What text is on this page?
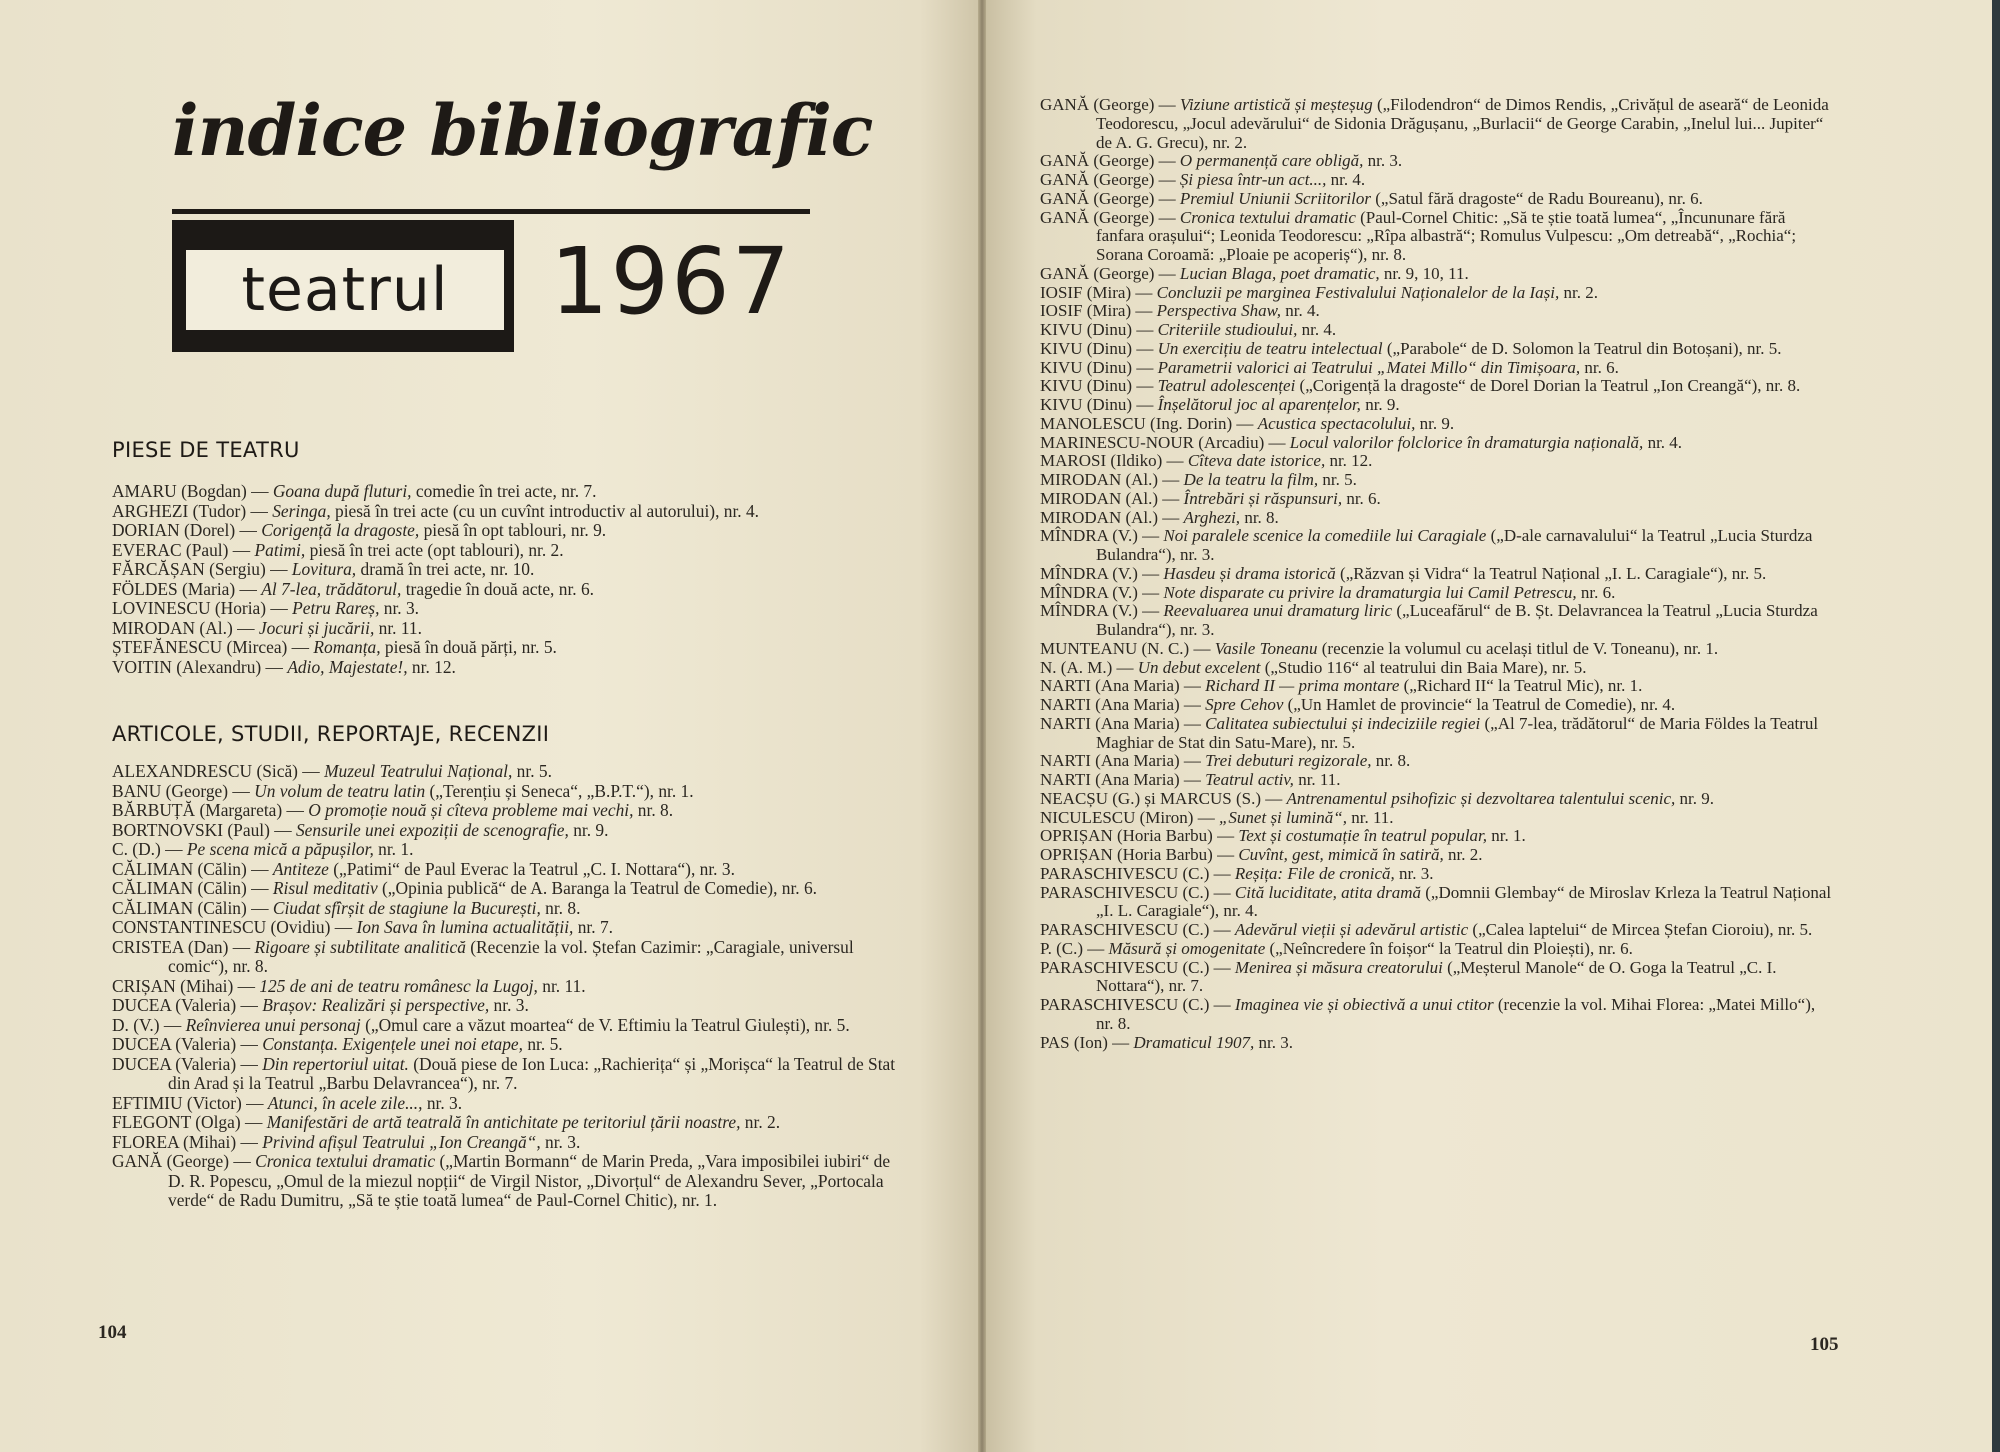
indice bibliografic
teatrul	1967
PIESE DE TEATRU

AMARU (Bogdan) — Goana după fluturi, comedie în trei acte, nr. 7.

ARGHEZI (Tudor) — Seringa, piesă în trei acte (cu un cuvînt introductiv al autorului), nr. 4.

DORIAN (Dorel) — Corigență la dragoste, piesă în opt tablouri, nr. 9.

EVERAC (Paul) — Patimi, piesă în trei acte (opt tablouri), nr. 2.

FĂRCĂȘAN (Sergiu) — Lovitura, dramă în trei acte, nr. 10.

FÖLDES (Maria) — Al 7-lea, trădătorul, tragedie în două acte, nr. 6.

LOVINESCU (Horia) — Petru Rareș, nr. 3.

MIRODAN (Al.) — Jocuri și jucării, nr. 11.

ȘTEFĂNESCU (Mircea) — Romanța, piesă în două părți, nr. 5.

VOITIN (Alexandru) — Adio, Majestate!, nr. 12.

ARTICOLE, STUDII, REPORTAJE, RECENZII

ALEXANDRESCU (Sică) — Muzeul Teatrului Național, nr. 5.

BANU (George) — Un volum de teatru latin („Terențiu și Seneca“, „B.P.T.“), nr. 1.

BĂRBUȚĂ (Margareta) — O promoție nouă și cîteva probleme mai vechi, nr. 8.

BORTNOVSKI (Paul) — Sensurile unei expoziții de scenografie, nr. 9.

C. (D.) — Pe scena mică a păpușilor, nr. 1.

CĂLIMAN (Călin) — Antiteze („Patimi“ de Paul Everac la Teatrul „C. I. Nottara“), nr. 3.

CĂLIMAN (Călin) — Risul meditativ („Opinia publică“ de A. Baranga la Teatrul de Comedie), nr. 6.

CĂLIMAN (Călin) — Ciudat sfîrșit de stagiune la București, nr. 8.

CONSTANTINESCU (Ovidiu) — Ion Sava în lumina actualității, nr. 7.

CRISTEA (Dan) — Rigoare și subtilitate analitică (Recenzie la vol. Ștefan Cazimir: „Caragiale, universul comic“), nr. 8.

CRIȘAN (Mihai) — 125 de ani de teatru românesc la Lugoj, nr. 11.

DUCEA (Valeria) — Brașov: Realizări și perspective, nr. 3.

D. (V.) — Reînvierea unui personaj („Omul care a văzut moartea“ de V. Eftimiu la Teatrul Giulești), nr. 5.

DUCEA (Valeria) — Constanța. Exigențele unei noi etape, nr. 5.

DUCEA (Valeria) — Din repertoriul uitat. (Două piese de Ion Luca: „Rachierița“ și „Morișca“ la Teatrul de Stat din Arad și la Teatrul „Barbu Delavrancea“), nr. 7.

EFTIMIU (Victor) — Atunci, în acele zile..., nr. 3.

FLEGONT (Olga) — Manifestări de artă teatrală în antichitate pe teritoriul țării noastre, nr. 2.

FLOREA (Mihai) — Privind afișul Teatrului „Ion Creangă“, nr. 3.

GANĂ (George) — Cronica textului dramatic („Martin Bormann“ de Marin Preda, „Vara imposibilei iubiri“ de D. R. Popescu, „Omul de la miezul nopții“ de Virgil Nistor, „Divorțul“ de Alexandru Sever, „Portocala verde“ de Radu Dumitru, „Să te știe toată lumea“ de Paul-Cornel Chitic), nr. 1.

104

GANĂ (George) — Viziune artistică și meșteșug („Filodendron“ de Dimos Rendis, „Crivățul de aseară“ de Leonida Teodorescu, „Jocul adevărului“ de Sidonia Drăgușanu, „Burlacii“ de George Carabin, „Inelul lui... Jupiter“ de A. G. Grecu), nr. 2.

GANĂ (George) — O permanență care obligă, nr. 3.

GANĂ (George) — Și piesa într-un act..., nr. 4.

GANĂ (George) — Premiul Uniunii Scriitorilor („Satul fără dragoste“ de Radu Boureanu), nr. 6.

GANĂ (George) — Cronica textului dramatic (Paul-Cornel Chitic: „Să te știe toată lumea“, „Încununare fără fanfara orașului“; Leonida Teodorescu: „Rîpa albastră“; Romulus Vulpescu: „Om detreabă“, „Rochia“; Sorana Coroamă: „Ploaie pe acoperiș“), nr. 8.

GANĂ (George) — Lucian Blaga, poet dramatic, nr. 9, 10, 11.

IOSIF (Mira) — Concluzii pe marginea Festivalului Naționalelor de la Iași, nr. 2.

IOSIF (Mira) — Perspectiva Shaw, nr. 4.

KIVU (Dinu) — Criteriile studioului, nr. 4.

KIVU (Dinu) — Un exercițiu de teatru intelectual („Parabole“ de D. Solomon la Teatrul din Botoșani), nr. 5.

KIVU (Dinu) — Parametrii valorici ai Teatrului „Matei Millo“ din Timișoara, nr. 6.

KIVU (Dinu) — Teatrul adolescenței („Corigență la dragoste“ de Dorel Dorian la Teatrul „Ion Creangă“), nr. 8.

KIVU (Dinu) — Înșelătorul joc al aparențelor, nr. 9.

MANOLESCU (Ing. Dorin) — Acustica spectacolului, nr. 9.

MARINESCU-NOUR (Arcadiu) — Locul valorilor folclorice în dramaturgia națională, nr. 4.

MAROSI (Ildiko) — Cîteva date istorice, nr. 12.

MIRODAN (Al.) — De la teatru la film, nr. 5.

MIRODAN (Al.) — Întrebări și răspunsuri, nr. 6.

MIRODAN (Al.) — Arghezi, nr. 8.

MÎNDRA (V.) — Noi paralele scenice la comediile lui Caragiale („D-ale carnavalului“ la Teatrul „Lucia Sturdza Bulandra“), nr. 3.

MÎNDRA (V.) — Hasdeu și drama istorică („Răzvan și Vidra“ la Teatrul Național „I. L. Caragiale“), nr. 5.

MÎNDRA (V.) — Note disparate cu privire la dramaturgia lui Camil Petrescu, nr. 6.

MÎNDRA (V.) — Reevaluarea unui dramaturg liric („Luceafărul“ de B. Șt. Delavrancea la Teatrul „Lucia Sturdza Bulandra“), nr. 3.

MUNTEANU (N. C.) — Vasile Toneanu (recenzie la volumul cu același titlul de V. Toneanu), nr. 1.

N. (A. M.) — Un debut excelent („Studio 116“ al teatrului din Baia Mare), nr. 5.

NARTI (Ana Maria) — Richard II — prima montare („Richard II“ la Teatrul Mic), nr. 1.

NARTI (Ana Maria) — Spre Cehov („Un Hamlet de provincie“ la Teatrul de Comedie), nr. 4.

NARTI (Ana Maria) — Calitatea subiectului și indeciziile regiei („Al 7-lea, trădătorul“ de Maria Földes la Teatrul Maghiar de Stat din Satu-Mare), nr. 5.

NARTI (Ana Maria) — Trei debuturi regizorale, nr. 8.

NARTI (Ana Maria) — Teatrul activ, nr. 11.

NEACȘU (G.) și MARCUS (S.) — Antrenamentul psihofizic și dezvoltarea talentului scenic, nr. 9.

NICULESCU (Miron) — „Sunet și lumină“, nr. 11.

OPRIȘAN (Horia Barbu) — Text și costumație în teatrul popular, nr. 1.

OPRIȘAN (Horia Barbu) — Cuvînt, gest, mimică în satiră, nr. 2.

PARASCHIVESCU (C.) — Reșița: File de cronică, nr. 3.

PARASCHIVESCU (C.) — Cită luciditate, atita dramă („Domnii Glembay“ de Miroslav Krleza la Teatrul Național „I. L. Caragiale“), nr. 4.

PARASCHIVESCU (C.) — Adevărul vieții și adevărul artistic („Calea laptelui“ de Mircea Ștefan Cioroiu), nr. 5.

P. (C.) — Măsură și omogenitate („Neîncredere în foișor“ la Teatrul din Ploiești), nr. 6.

PARASCHIVESCU (C.) — Menirea și măsura creatorului („Meșterul Manole“ de O. Goga la Teatrul „C. I. Nottara“), nr. 7.

PARASCHIVESCU (C.) — Imaginea vie și obiectivă a unui ctitor (recenzie la vol. Mihai Florea: „Matei Millo“), nr. 8.

PAS (Ion) — Dramaticul 1907, nr. 3.

105
